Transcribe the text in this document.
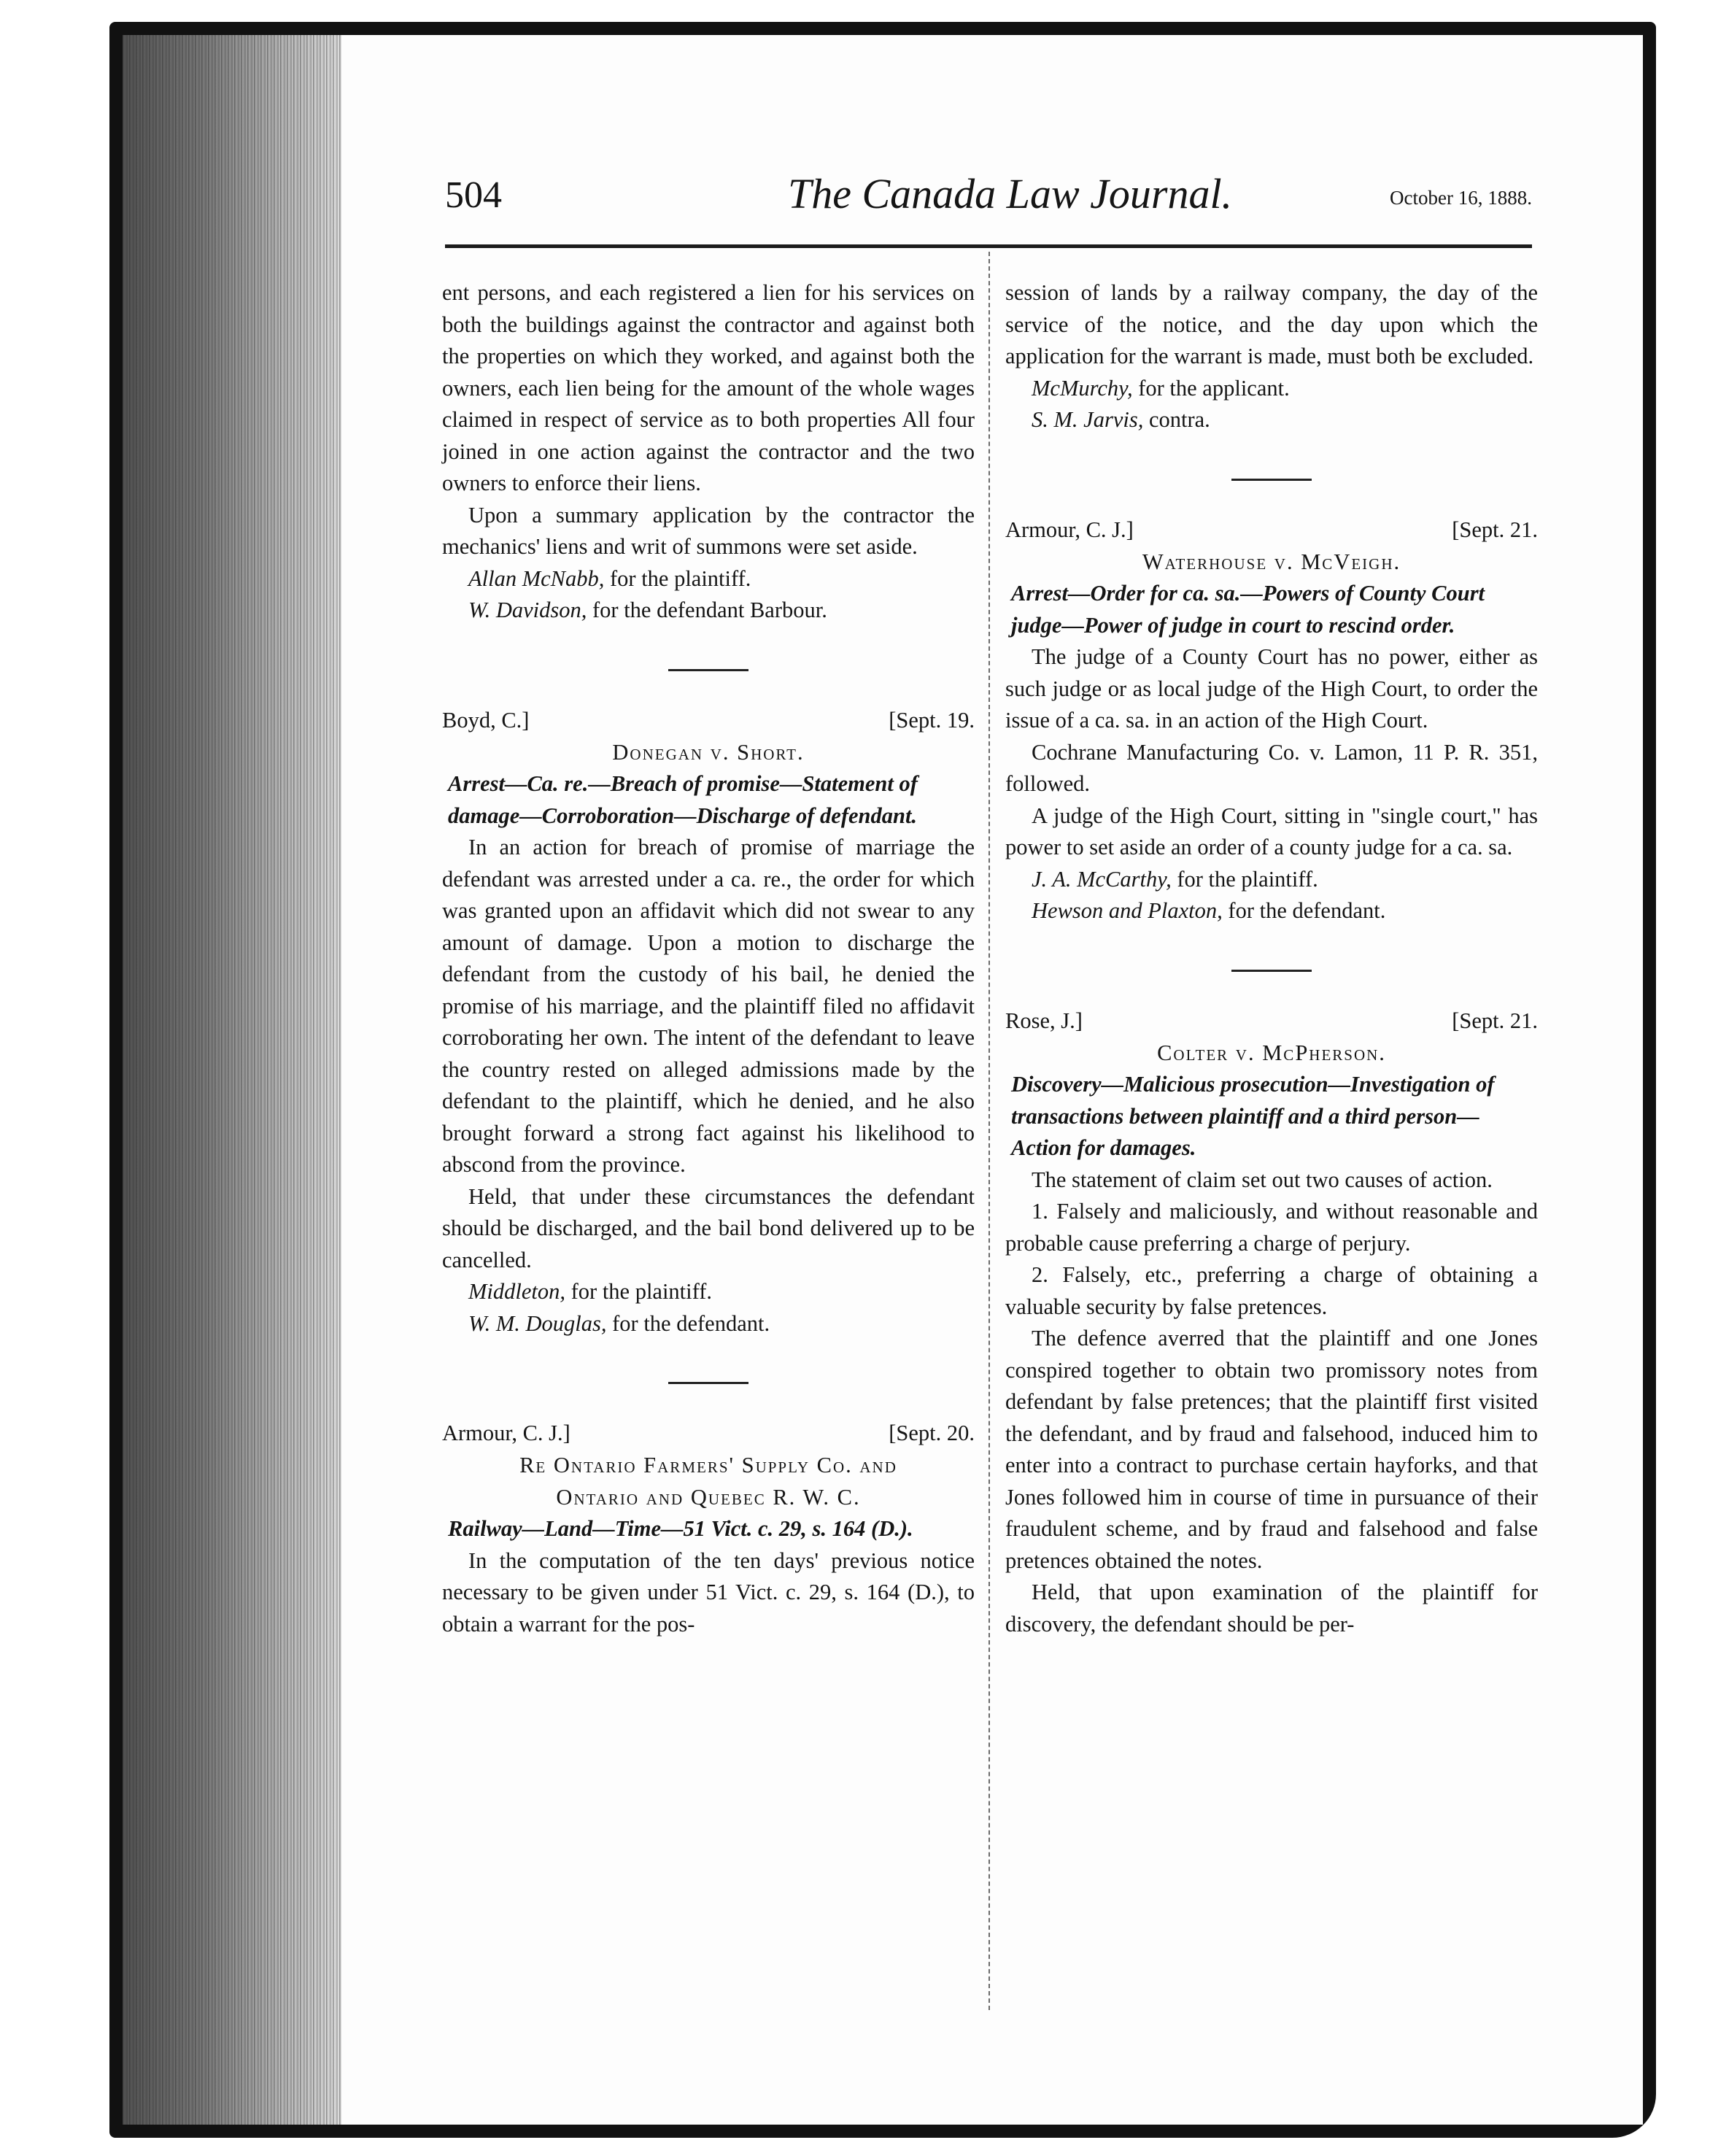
504	The Canada Law Journal.	October 16, 1888.

ent persons, and each registered a lien for his services on both the buildings against the contractor and against both the properties on which they worked, and against both the owners, each lien being for the amount of the whole wages claimed in respect of service as to both properties All four joined in one action against the contractor and the two owners to enforce their liens.

Upon a summary application by the contractor the mechanics' liens and writ of summons were set aside.

Allan McNabb, for the plaintiff.
W. Davidson, for the defendant Barbour.
Boyd, C.]	[Sept. 19.

Donegan v. Short.

Arrest—Ca. re.—Breach of promise—Statement of damage—Corroboration—Discharge of defendant.

In an action for breach of promise of marriage the defendant was arrested under a ca. re., the order for which was granted upon an affidavit which did not swear to any amount of damage. Upon a motion to discharge the defendant from the custody of his bail, he denied the promise of his marriage, and the plaintiff filed no affidavit corroborating her own. The intent of the defendant to leave the country rested on alleged admissions made by the defendant to the plaintiff, which he denied, and he also brought forward a strong fact against his likelihood to abscond from the province.

Held, that under these circumstances the defendant should be discharged, and the bail bond delivered up to be cancelled.

Middleton, for the plaintiff.
W. M. Douglas, for the defendant.
Armour, C. J.]	[Sept. 20.

Re Ontario Farmers' Supply Co. and

Ontario and Quebec R. W. C.

Railway—Land—Time—51 Vict. c. 29, s. 164 (D.).

In the computation of the ten days' previous notice necessary to be given under 51 Vict. c. 29, s. 164 (D.), to obtain a warrant for the pos-

session of lands by a railway company, the day of the service of the notice, and the day upon which the application for the warrant is made, must both be excluded.

McMurchy, for the applicant.
S. M. Jarvis, contra.
Armour, C. J.]	[Sept. 21.

Waterhouse v. McVeigh.

Arrest—Order for ca. sa.—Powers of County Court judge—Power of judge in court to rescind order.

The judge of a County Court has no power, either as such judge or as local judge of the High Court, to order the issue of a ca. sa. in an action of the High Court.

Cochrane Manufacturing Co. v. Lamon, 11 P. R. 351, followed.

A judge of the High Court, sitting in "single court," has power to set aside an order of a county judge for a ca. sa.

J. A. McCarthy, for the plaintiff.
Hewson and Plaxton, for the defendant.
Rose, J.]	[Sept. 21.

Colter v. McPherson.

Discovery—Malicious prosecution—Investigation of transactions between plaintiff and a third person—Action for damages.

The statement of claim set out two causes of action.

1. Falsely and maliciously, and without reasonable and probable cause preferring a charge of perjury.

2. Falsely, etc., preferring a charge of obtaining a valuable security by false pretences.

The defence averred that the plaintiff and one Jones conspired together to obtain two promissory notes from defendant by false pretences; that the plaintiff first visited the defendant, and by fraud and falsehood, induced him to enter into a contract to purchase certain hayforks, and that Jones followed him in course of time in pursuance of their fraudulent scheme, and by fraud and falsehood and false pretences obtained the notes.

Held, that upon examination of the plaintiff for discovery, the defendant should be per-
